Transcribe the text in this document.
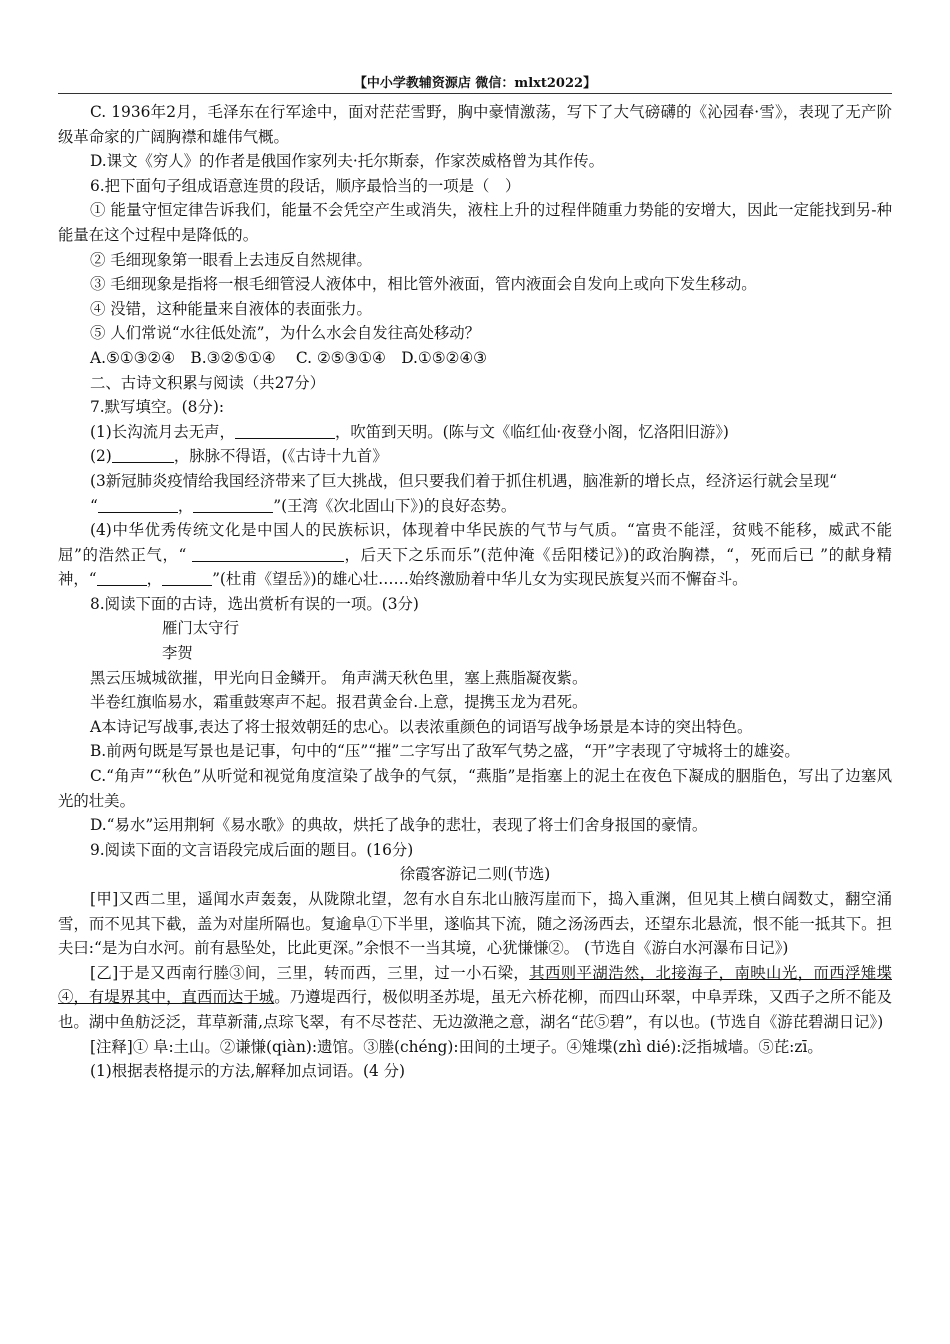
【中小学教辅资源店 微信：mlxt2022】

C. 1936年2月，毛泽东在行军途中，面对茫茫雪野，胸中豪情激荡，写下了大气磅礴的《沁园春·雪》，表现了无产阶级革命家的广阔胸襟和雄伟气概。

D.课文《穷人》的作者是俄国作家列夫·托尔斯泰，作家茨威格曾为其作传。

6.把下面句子组成语意连贯的段话，顺序最恰当的一项是（　）

① 能量守恒定律告诉我们，能量不会凭空产生或消失，液柱上升的过程伴随重力势能的安增大，因此一定能找到另-种能量在这个过程中是降低的。

② 毛细现象第一眼看上去违反自然规律。

③ 毛细现象是指将一根毛细管浸人液体中，相比管外液面，管内液面会自发向上或向下发生移动。

④ 没错，这种能量来自液体的表面张力。

⑤ 人们常说“水往低处流”，为什么水会自发往高处移动？

A.⑤①③②④　B.③②⑤①④　 C. ②⑤③①④　D.①⑤②④③

二、古诗文积累与阅读（共27分）

7.默写填空。(8分):

(1)长沟流月去无声，	，吹笛到天明。(陈与文《临红仙·夜登小阁，忆洛阳旧游》)

(2)	，脉脉不得语，(《古诗十九首》

(3新冠肺炎疫情给我国经济带来了巨大挑战，但只要我们着于抓住机遇，脑准新的增长点，经济运行就会呈现“

“	，	”(王湾《次北固山下》)的良好态势。

(4)中华优秀传统文化是中国人的民族标识，体现着中华民族的气节与气质。“富贵不能淫，贫贱不能移，威武不能屈”的浩然正气，“	，后天下之乐而乐”(范仲淹《岳阳楼记》)的政治胸襟，“，死而后已 ”的献身精神，“	，	”(杜甫《望岳》)的雄心壮……始终激励着中华儿女为实现民族复兴而不懈奋斗。

8.阅读下面的古诗，选出赏析有误的一项。(3分)

雁门太守行

李贺

黑云压城城欲摧，甲光向日金鳞开。 角声满天秋色里，塞上燕脂凝夜紫。

半卷红旗临易水，霜重鼓寒声不起。报君黄金台.上意，提携玉龙为君死。

A本诗记写战事,表达了将士报效朝廷的忠心。以表浓重颜色的词语写战争场景是本诗的突出特色。

B.前两句既是写景也是记事，句中的“压”“摧”二字写出了敌军气势之盛，“开”字表现了守城将士的雄姿。

C.“角声”“秋色”从听觉和视觉角度渲染了战争的气氛，“燕脂”是指塞上的泥土在夜色下凝成的胭脂色，写出了边塞风光的壮美。

D.“易水”运用荆轲《易水歌》的典故，烘托了战争的悲壮，表现了将士们舍身报国的豪情。

9.阅读下面的文言语段完成后面的题目。(16分)

徐霞客游记二则(节选)

[甲]又西二里，遥闻水声轰轰，从陇隙北望，忽有水自东北山腋泻崖而下，捣入重渊，但见其上横白阔数丈，翻空涌雪，而不见其下截，盖为对崖所隔也。复逾阜①下半里，遂临其下流，随之汤汤西去，还望东北悬流，恨不能一抵其下。担夫曰:“是为白水河。前有悬坠处，比此更深。”余恨不一当其境，心犹慊慊②。 (节选自《游白水河瀑布日记》)

[乙]于是又西南行塍③间，三里，转而西，三里，过一小石梁，其西则平湖浩然，北接海子，南映山光，而西浮雉堞④，有堤界其中，直西而达于城。乃遵堤西行，极似明圣苏堤，虽无六桥花柳，而四山环翠，中阜弄珠，又西子之所不能及也。湖中鱼舫泛泛，茸草新蒲,点琮飞翠，有不尽苍茫、无边潋滟之意，湖名“芘⑤碧”，有以也。(节选自《游芘碧湖日记》)

[注释]① 阜:土山。②谦慊(qiàn):遗馆。③塍(chéng):田间的土埂子。④雉堞(zhì dié):泛指城墙。⑤芘:zī。

(1)根据表格提示的方法,解释加点词语。(4 分)
